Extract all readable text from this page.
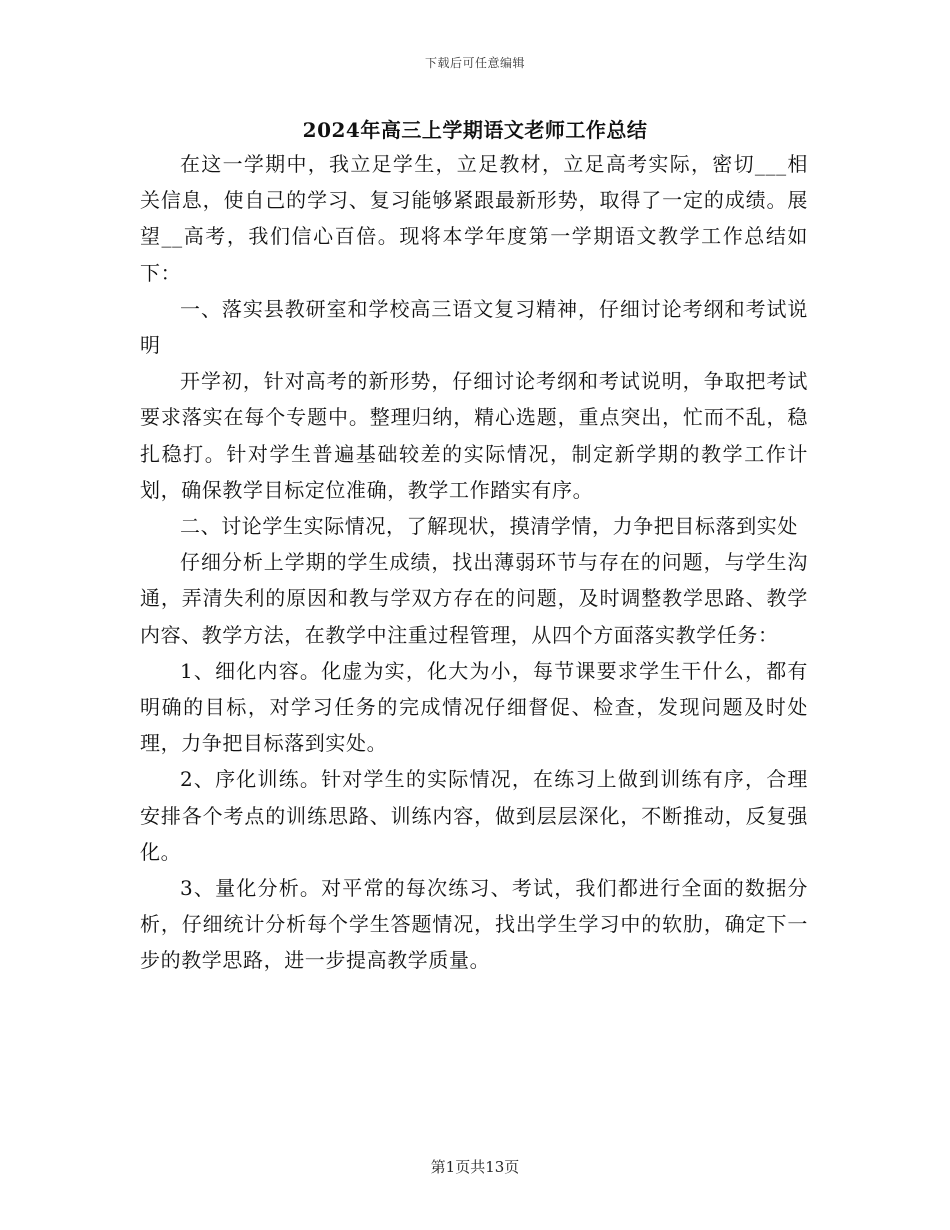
下载后可任意编辑
2024年高三上学期语文老师工作总结

在这一学期中，我立足学生，立足教材，立足高考实际，密切___相关信息，使自己的学习、复习能够紧跟最新形势，取得了一定的成绩。展望__高考，我们信心百倍。现将本学年度第一学期语文教学工作总结如下：

一、落实县教研室和学校高三语文复习精神，仔细讨论考纲和考试说明

开学初，针对高考的新形势，仔细讨论考纲和考试说明，争取把考试要求落实在每个专题中。整理归纳，精心选题，重点突出，忙而不乱，稳扎稳打。针对学生普遍基础较差的实际情况，制定新学期的教学工作计划，确保教学目标定位准确，教学工作踏实有序。

二、讨论学生实际情况，了解现状，摸清学情，力争把目标落到实处

仔细分析上学期的学生成绩，找出薄弱环节与存在的问题，与学生沟通，弄清失利的原因和教与学双方存在的问题，及时调整教学思路、教学内容、教学方法，在教学中注重过程管理，从四个方面落实教学任务：

1、细化内容。化虚为实，化大为小，每节课要求学生干什么，都有明确的目标，对学习任务的完成情况仔细督促、检查，发现问题及时处理，力争把目标落到实处。

2、序化训练。针对学生的实际情况，在练习上做到训练有序，合理安排各个考点的训练思路、训练内容，做到层层深化，不断推动，反复强化。

3、量化分析。对平常的每次练习、考试，我们都进行全面的数据分析，仔细统计分析每个学生答题情况，找出学生学习中的软肋，确定下一步的教学思路，进一步提高教学质量。

第1页共13页
